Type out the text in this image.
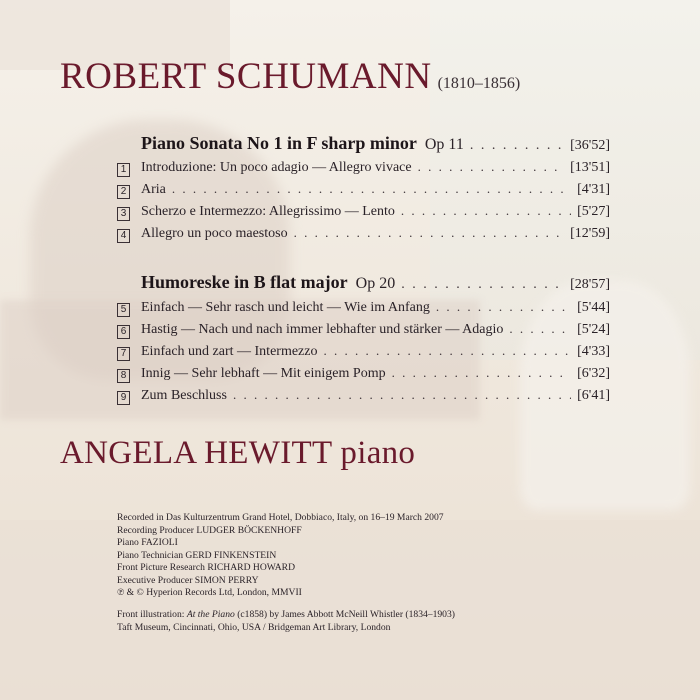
ROBERT SCHUMANN (1810–1856)
Piano Sonata No 1 in F sharp minor Op 11 . . .	[36'52]
1 Introduzione: Un poco adagio — Allegro vivace . . .	[13'51]
2 Aria . . .	[4'31]
3 Scherzo e Intermezzo: Allegrissimo — Lento . . .	[5'27]
4 Allegro un poco maestoso . . .	[12'59]
Humoreske in B flat major Op 20 . . .	[28'57]
5 Einfach — Sehr rasch und leicht — Wie im Anfang . . .	[5'44]
6 Hastig — Nach und nach immer lebhafter und stärker — Adagio . . .	[5'24]
7 Einfach und zart — Intermezzo . . .	[4'33]
8 Innig — Sehr lebhaft — Mit einigem Pomp . . .	[6'32]
9 Zum Beschluss . . .	[6'41]
ANGELA HEWITT piano
Recorded in Das Kulturzentrum Grand Hotel, Dobbiaco, Italy, on 16–19 March 2007
Recording Producer LUDGER BÖCKENHOFF
Piano FAZIOLI
Piano Technician GERD FINKENSTEIN
Front Picture Research RICHARD HOWARD
Executive Producer SIMON PERRY
℗ & © Hyperion Records Ltd, London, MMVII
Front illustration: At the Piano (c1858) by James Abbott McNeill Whistler (1834–1903)
Taft Museum, Cincinnati, Ohio, USA / Bridgeman Art Library, London
